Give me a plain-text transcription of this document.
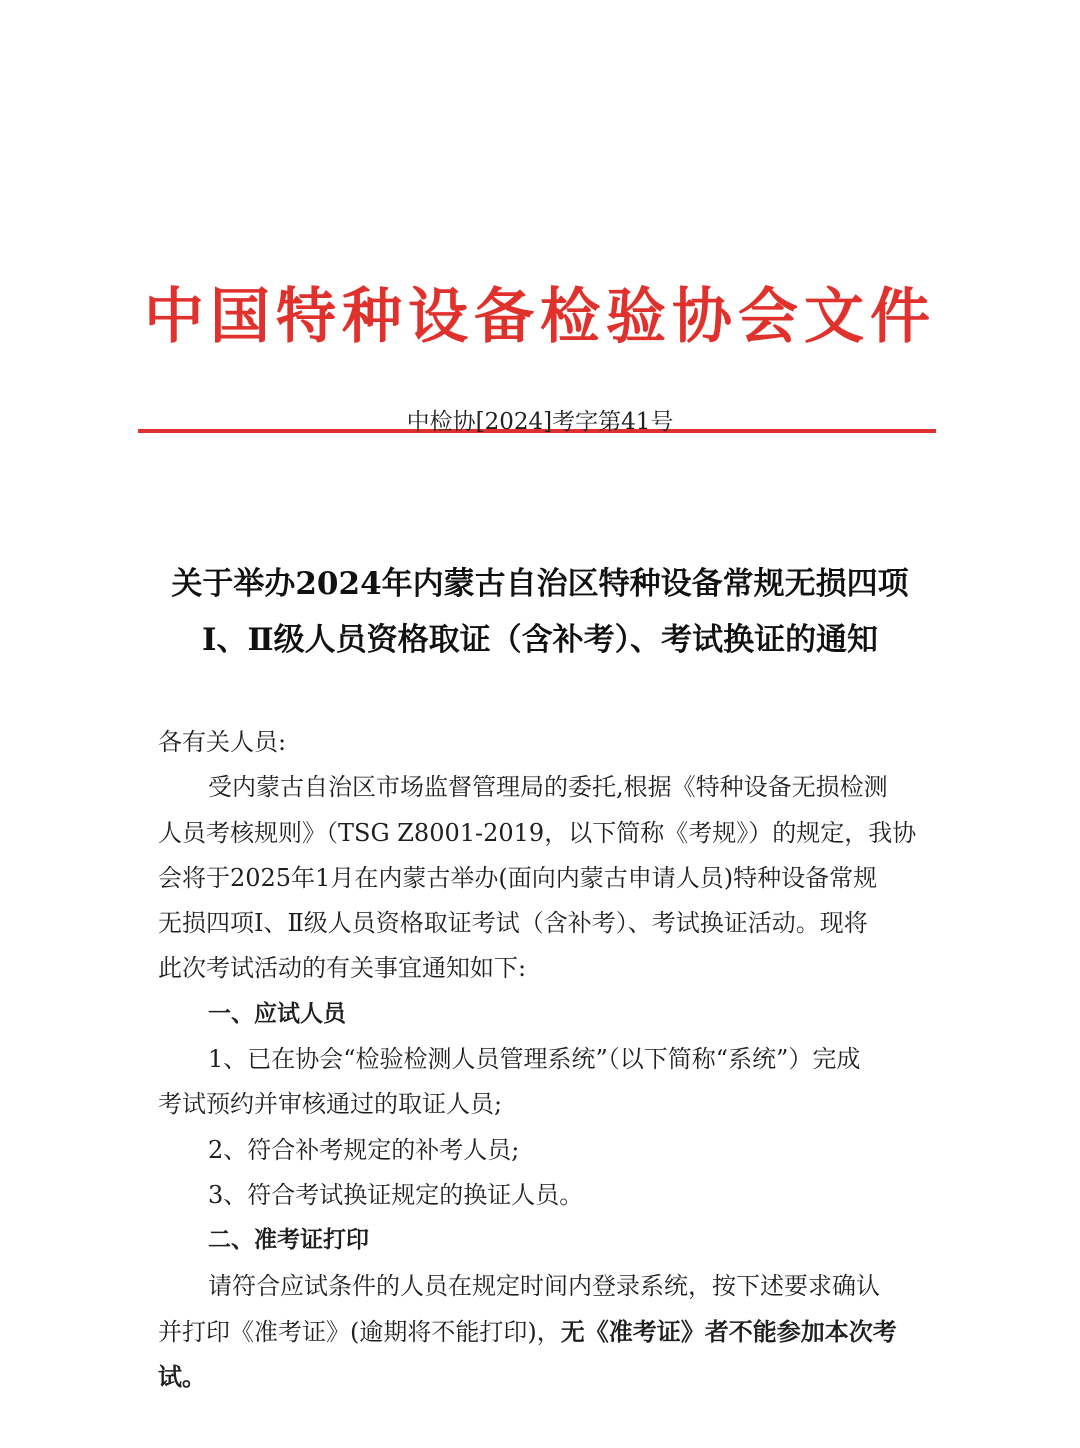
中国特种设备检验协会文件
中检协[2024]考字第41号
关于举办2024年内蒙古自治区特种设备常规无损四项
Ⅰ、Ⅱ级人员资格取证（含补考）、考试换证的通知
各有关人员:
受内蒙古自治区市场监督管理局的委托,根据《特种设备无损检测
人员考核规则》（TSG Z8001-2019，以下简称《考规》）的规定，我协
会将于2025年1月在内蒙古举办(面向内蒙古申请人员)特种设备常规
无损四项Ⅰ、Ⅱ级人员资格取证考试（含补考）、考试换证活动。现将
此次考试活动的有关事宜通知如下:
一、应试人员
1、已在协会“检验检测人员管理系统”（以下简称“系统”）完成
考试预约并审核通过的取证人员;
2、符合补考规定的补考人员;
3、符合考试换证规定的换证人员。
二、准考证打印
请符合应试条件的人员在规定时间内登录系统，按下述要求确认
并打印《准考证》(逾期将不能打印)，无《准考证》者不能参加本次考
试。
